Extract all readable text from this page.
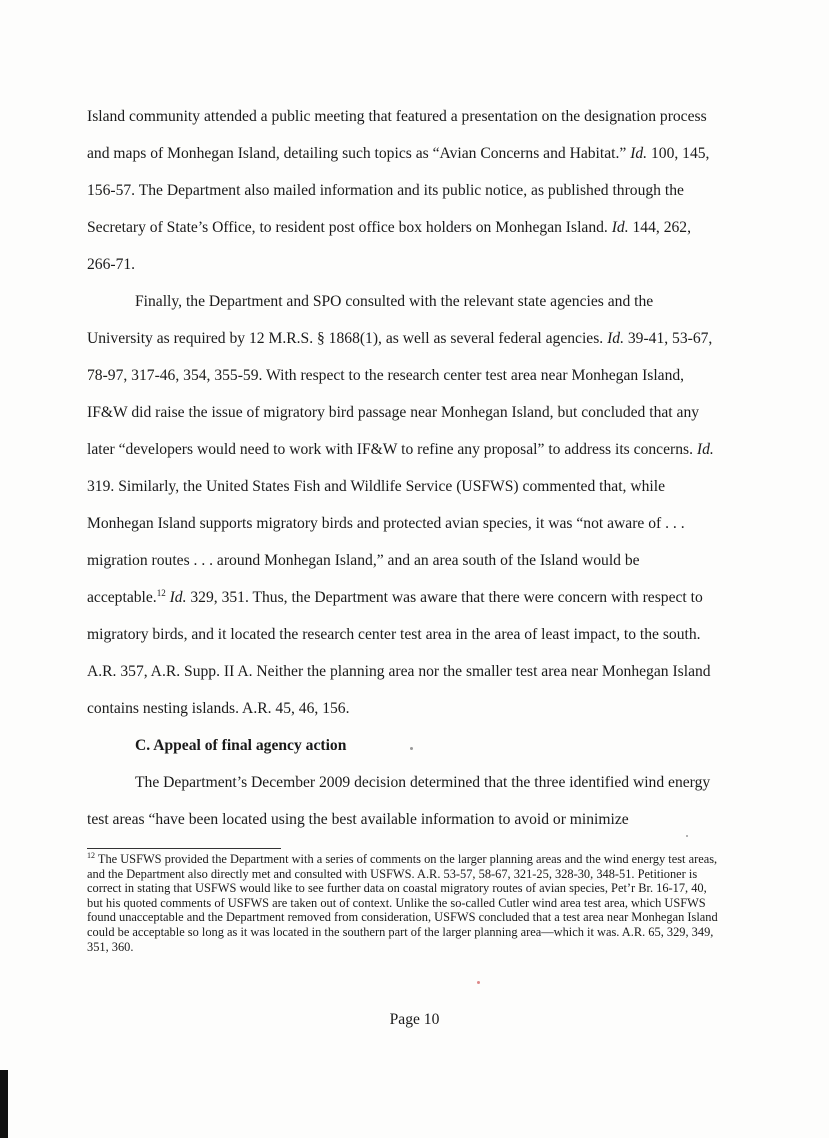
Island community attended a public meeting that featured a presentation on the designation process and maps of Monhegan Island, detailing such topics as “Avian Concerns and Habitat.” Id. 100, 145, 156-57. The Department also mailed information and its public notice, as published through the Secretary of State’s Office, to resident post office box holders on Monhegan Island. Id. 144, 262, 266-71.

Finally, the Department and SPO consulted with the relevant state agencies and the University as required by 12 M.R.S. § 1868(1), as well as several federal agencies. Id. 39-41, 53-67, 78-97, 317-46, 354, 355-59. With respect to the research center test area near Monhegan Island, IF&W did raise the issue of migratory bird passage near Monhegan Island, but concluded that any later “developers would need to work with IF&W to refine any proposal” to address its concerns. Id. 319. Similarly, the United States Fish and Wildlife Service (USFWS) commented that, while Monhegan Island supports migratory birds and protected avian species, it was “not aware of . . . migration routes . . . around Monhegan Island,” and an area south of the Island would be acceptable.$^{12}$ Id. 329, 351. Thus, the Department was aware that there were concern with respect to migratory birds, and it located the research center test area in the area of least impact, to the south. A.R. 357, A.R. Supp. II A. Neither the planning area nor the smaller test area near Monhegan Island contains nesting islands. A.R. 45, 46, 156.

C. Appeal of final agency action

The Department’s December 2009 decision determined that the three identified wind energy test areas “have been located using the best available information to avoid or minimize

$^{12}$ The USFWS provided the Department with a series of comments on the larger planning areas and the wind energy test areas, and the Department also directly met and consulted with USFWS. A.R. 53-57, 58-67, 321-25, 328-30, 348-51. Petitioner is correct in stating that USFWS would like to see further data on coastal migratory routes of avian species, Pet’r Br. 16-17, 40, but his quoted comments of USFWS are taken out of context. Unlike the so-called Cutler wind area test area, which USFWS found unacceptable and the Department removed from consideration, USFWS concluded that a test area near Monhegan Island could be acceptable so long as it was located in the southern part of the larger planning area—which it was. A.R. 65, 329, 349, 351, 360.

Page 10
